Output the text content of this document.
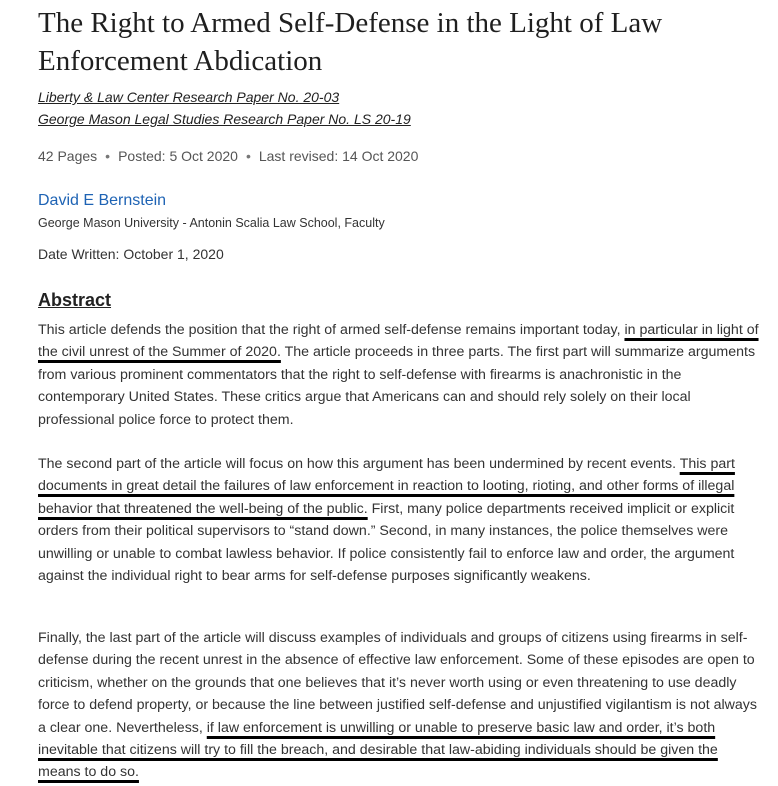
The Right to Armed Self-Defense in the Light of Law Enforcement Abdication
Liberty & Law Center Research Paper No. 20-03
George Mason Legal Studies Research Paper No. LS 20-19
42 Pages • Posted: 5 Oct 2020 • Last revised: 14 Oct 2020
David E Bernstein
George Mason University - Antonin Scalia Law School, Faculty
Date Written: October 1, 2020
Abstract

This article defends the position that the right of armed self-defense remains important today, in particular in light of the civil unrest of the Summer of 2020. The article proceeds in three parts. The first part will summarize arguments from various prominent commentators that the right to self-defense with firearms is anachronistic in the contemporary United States. These critics argue that Americans can and should rely solely on their local professional police force to protect them.

The second part of the article will focus on how this argument has been undermined by recent events. This part documents in great detail the failures of law enforcement in reaction to looting, rioting, and other forms of illegal behavior that threatened the well-being of the public. First, many police departments received implicit or explicit orders from their political supervisors to “stand down.” Second, in many instances, the police themselves were unwilling or unable to combat lawless behavior. If police consistently fail to enforce law and order, the argument against the individual right to bear arms for self-defense purposes significantly weakens.

Finally, the last part of the article will discuss examples of individuals and groups of citizens using firearms in self-defense during the recent unrest in the absence of effective law enforcement. Some of these episodes are open to criticism, whether on the grounds that one believes that it’s never worth using or even threatening to use deadly force to defend property, or because the line between justified self-defense and unjustified vigilantism is not always a clear one. Nevertheless, if law enforcement is unwilling or unable to preserve basic law and order, it’s both inevitable that citizens will try to fill the breach, and desirable that law-abiding individuals should be given the means to do so.
